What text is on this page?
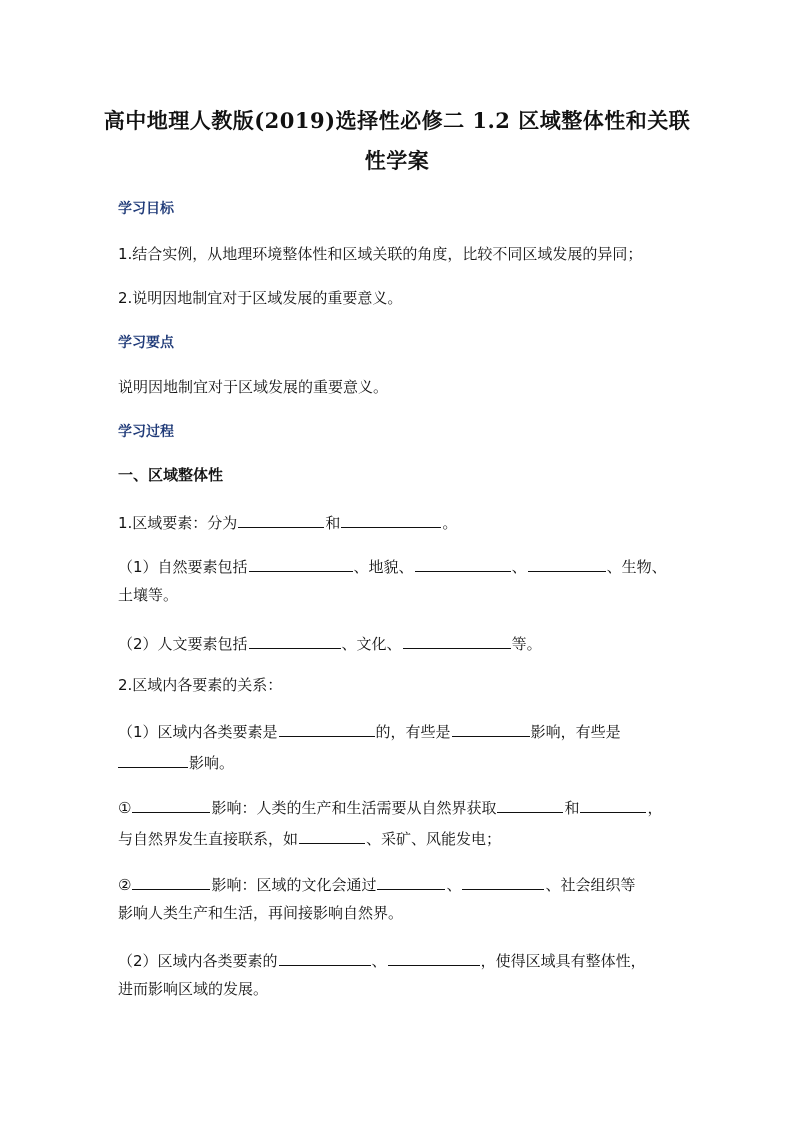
高中地理人教版(2019)选择性必修二 1.2 区域整体性和关联
性学案
学习目标
1.结合实例，从地理环境整体性和区域关联的角度，比较不同区域发展的异同；
2.说明因地制宜对于区域发展的重要意义。
学习要点
说明因地制宜对于区域发展的重要意义。
学习过程
一、区域整体性
1.区域要素：分为	和	。
（1）自然要素包括	、地貌、	、	、生物、
土壤等。
（2）人文要素包括	、文化、	等。
2.区域内各要素的关系：
（1）区域内各类要素是	的，有些是	影响，有些是
影响。
①	影响：人类的生产和生活需要从自然界获取	和	，
与自然界发生直接联系，如	、采矿、风能发电；
②	影响：区域的文化会通过	、	、社会组织等
影响人类生产和生活，再间接影响自然界。
（2）区域内各类要素的	、	，使得区域具有整体性，
进而影响区域的发展。
